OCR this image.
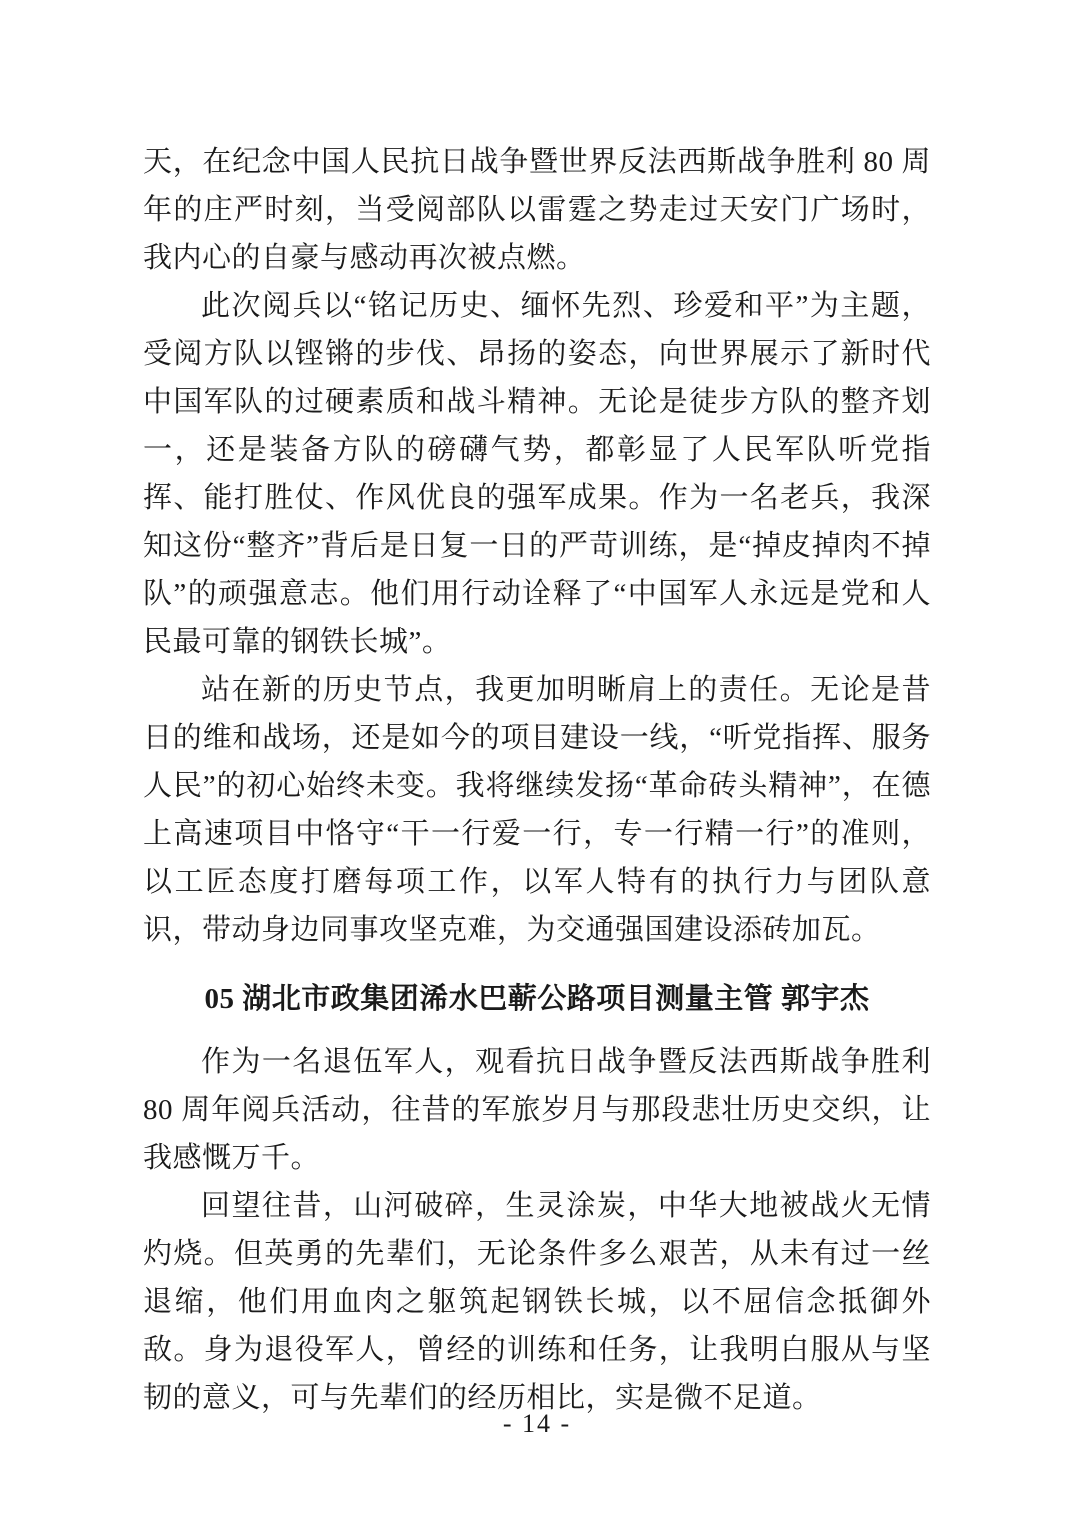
天，在纪念中国人民抗日战争暨世界反法西斯战争胜利 80 周年的庄严时刻，当受阅部队以雷霆之势走过天安门广场时，我内心的自豪与感动再次被点燃。

此次阅兵以“铭记历史、缅怀先烈、珍爱和平”为主题，受阅方队以铿锵的步伐、昂扬的姿态，向世界展示了新时代中国军队的过硬素质和战斗精神。无论是徒步方队的整齐划一，还是装备方队的磅礴气势，都彰显了人民军队听党指挥、能打胜仗、作风优良的强军成果。作为一名老兵，我深知这份“整齐”背后是日复一日的严苛训练，是“掉皮掉肉不掉队”的顽强意志。他们用行动诠释了“中国军人永远是党和人民最可靠的钢铁长城”。

站在新的历史节点，我更加明晰肩上的责任。无论是昔日的维和战场，还是如今的项目建设一线，“听党指挥、服务人民”的初心始终未变。我将继续发扬“革命砖头精神”，在德上高速项目中恪守“干一行爱一行，专一行精一行”的准则，以工匠态度打磨每项工作，以军人特有的执行力与团队意识，带动身边同事攻坚克难，为交通强国建设添砖加瓦。

05 湖北市政集团浠水巴蕲公路项目测量主管 郭宇杰

作为一名退伍军人，观看抗日战争暨反法西斯战争胜利 80 周年阅兵活动，往昔的军旅岁月与那段悲壮历史交织，让我感慨万千。

回望往昔，山河破碎，生灵涂炭，中华大地被战火无情灼烧。但英勇的先辈们，无论条件多么艰苦，从未有过一丝退缩，他们用血肉之躯筑起钢铁长城，以不屈信念抵御外敌。身为退役军人，曾经的训练和任务，让我明白服从与坚韧的意义，可与先辈们的经历相比，实是微不足道。

- 14 -
